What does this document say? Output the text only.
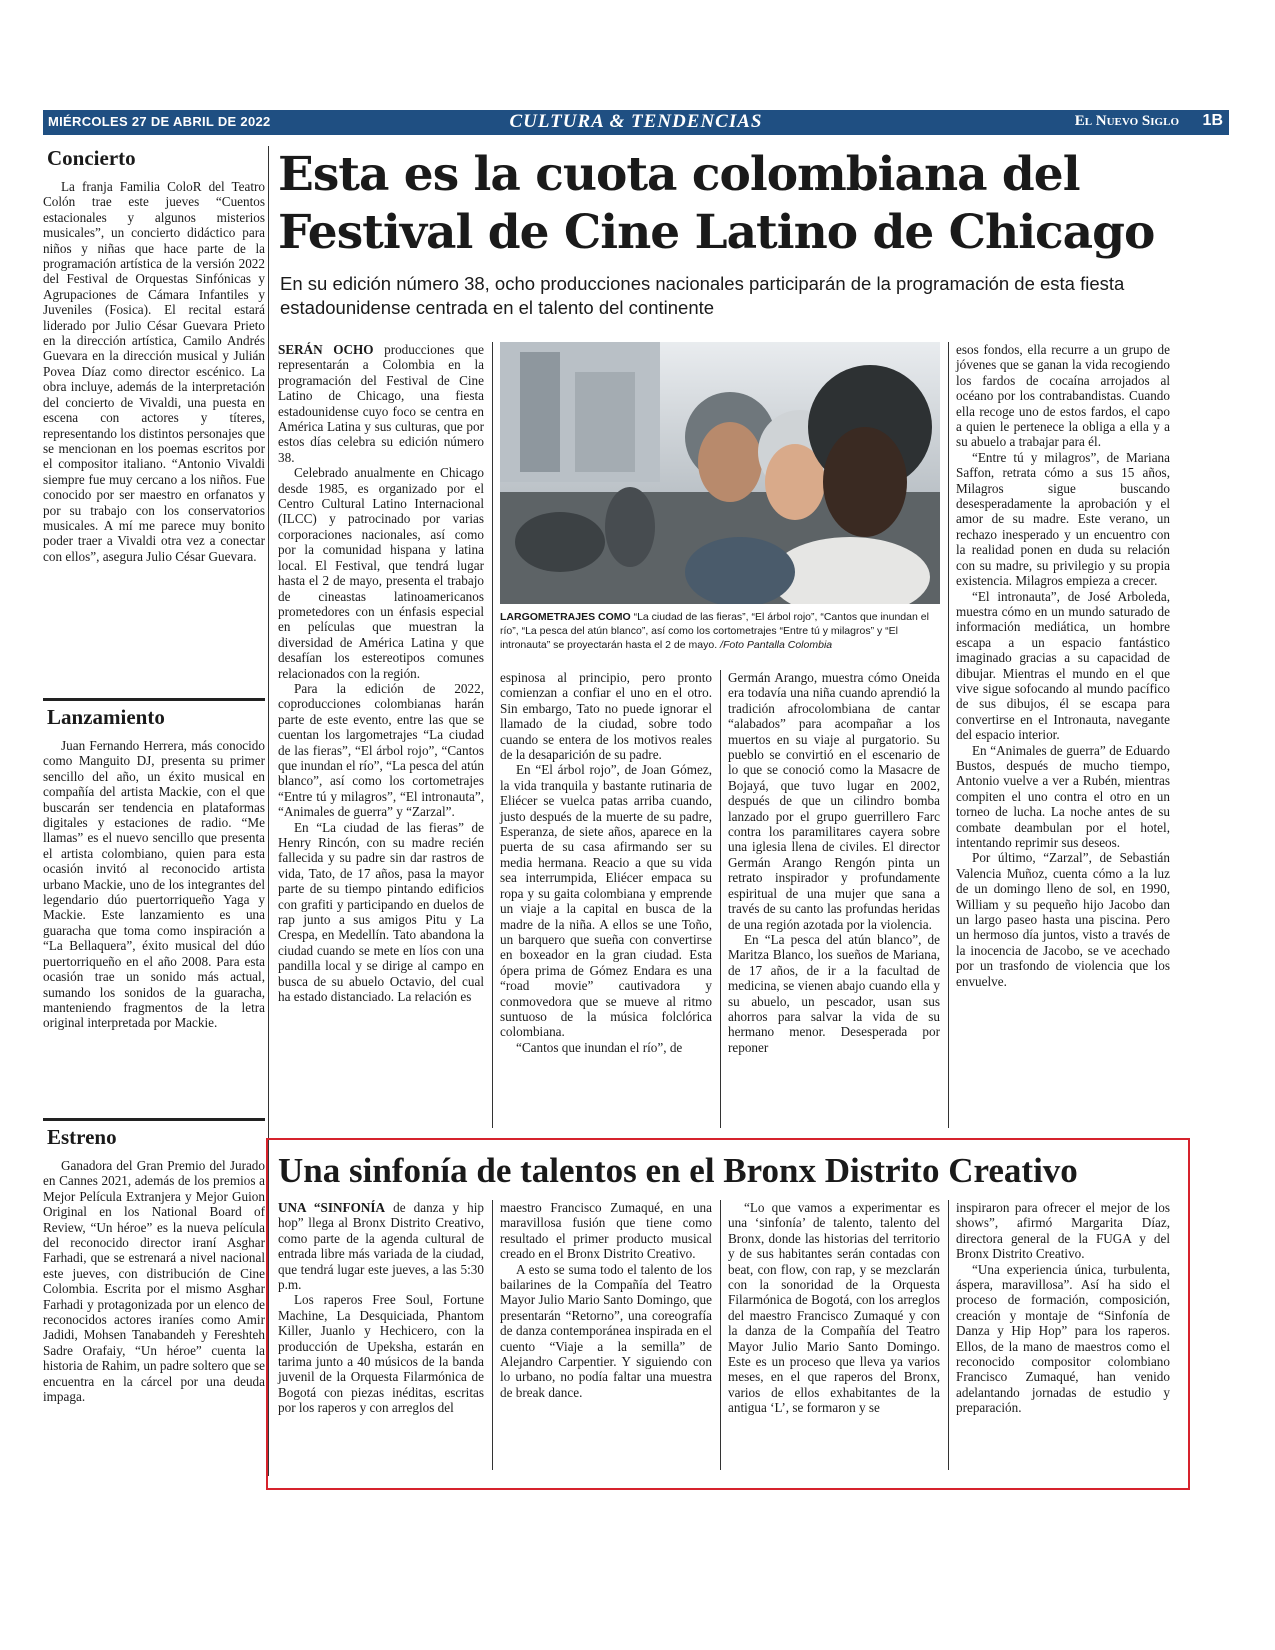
MIÉRCOLES 27 DE ABRIL DE 2022	CULTURA & TENDENCIAS	El Nuevo Siglo 1B
Concierto

La franja Familia ColoR del Teatro Colón trae este jueves “Cuentos estacionales y algunos misterios musicales”, un concierto didáctico para niños y niñas que hace parte de la programación artística de la versión 2022 del Festival de Orquestas Sinfónicas y Agrupaciones de Cámara Infantiles y Juveniles (Fosica). El recital estará liderado por Julio César Guevara Prieto en la dirección artística, Camilo Andrés Guevara en la dirección musical y Julián Povea Díaz como director escénico. La obra incluye, además de la interpretación del concierto de Vivaldi, una puesta en escena con actores y títeres, representando los distintos personajes que se mencionan en los poemas escritos por el compositor italiano. “Antonio Vivaldi siempre fue muy cercano a los niños. Fue conocido por ser maestro en orfanatos y por su trabajo con los conservatorios musicales. A mí me parece muy bonito poder traer a Vivaldi otra vez a conectar con ellos”, asegura Julio César Guevara.

Lanzamiento

Juan Fernando Herrera, más conocido como Manguito DJ, presenta su primer sencillo del año, un éxito musical en compañía del artista Mackie, con el que buscarán ser tendencia en plataformas digitales y estaciones de radio. “Me llamas” es el nuevo sencillo que presenta el artista colombiano, quien para esta ocasión invitó al reconocido artista urbano Mackie, uno de los integrantes del legendario dúo puertorriqueño Yaga y Mackie. Este lanzamiento es una guaracha que toma como inspiración a “La Bellaquera”, éxito musical del dúo puertorriqueño en el año 2008. Para esta ocasión trae un sonido más actual, sumando los sonidos de la guaracha, manteniendo fragmentos de la letra original interpretada por Mackie.

Estreno

Ganadora del Gran Premio del Jurado en Cannes 2021, además de los premios a Mejor Película Extranjera y Mejor Guion Original en los National Board of Review, “Un héroe” es la nueva película del reconocido director iraní Asghar Farhadi, que se estrenará a nivel nacional este jueves, con distribución de Cine Colombia. Escrita por el mismo Asghar Farhadi y protagonizada por un elenco de reconocidos actores iraníes como Amir Jadidi, Mohsen Tanabandeh y Fereshteh Sadre Orafaiy, “Un héroe” cuenta la historia de Rahim, un padre soltero que se encuentra en la cárcel por una deuda impaga.

Esta es la cuota colombiana del Festival de Cine Latino de Chicago

En su edición número 38, ocho producciones nacionales participarán de la programación de esta fiesta estadounidense centrada en el talento del continente

SERÁN OCHO producciones que representarán a Colombia en la programación del Festival de Cine Latino de Chicago, una fiesta estadounidense cuyo foco se centra en América Latina y sus culturas, que por estos días celebra su edición número 38.

Celebrado anualmente en Chicago desde 1985, es organizado por el Centro Cultural Latino Internacional (ILCC) y patrocinado por varias corporaciones nacionales, así como por la comunidad hispana y latina local. El Festival, que tendrá lugar hasta el 2 de mayo, presenta el trabajo de cineastas latinoamericanos prometedores con un énfasis especial en películas que muestran la diversidad de América Latina y que desafían los estereotipos comunes relacionados con la región.

Para la edición de 2022, coproducciones colombianas harán parte de este evento, entre las que se cuentan los largometrajes “La ciudad de las fieras”, “El árbol rojo”, “Cantos que inundan el río”, “La pesca del atún blanco”, así como los cortometrajes “Entre tú y milagros”, “El intronauta”, “Animales de guerra” y “Zarzal”.

En “La ciudad de las fieras” de Henry Rincón, con su madre recién fallecida y su padre sin dar rastros de vida, Tato, de 17 años, pasa la mayor parte de su tiempo pintando edificios con grafiti y participando en duelos de rap junto a sus amigos Pitu y La Crespa, en Medellín. Tato abandona la ciudad cuando se mete en líos con una pandilla local y se dirige al campo en busca de su abuelo Octavio, del cual ha estado distanciado. La relación es

LARGOMETRAJES COMO “La ciudad de las fieras”, “El árbol rojo”, “Cantos que inundan el río”, “La pesca del atún blanco”, así como los cortometrajes “Entre tú y milagros” y “El intronauta” se proyectarán hasta el 2 de mayo. /Foto Pantalla Colombia

espinosa al principio, pero pronto comienzan a confiar el uno en el otro. Sin embargo, Tato no puede ignorar el llamado de la ciudad, sobre todo cuando se entera de los motivos reales de la desaparición de su padre.

En “El árbol rojo”, de Joan Gómez, la vida tranquila y bastante rutinaria de Eliécer se vuelca patas arriba cuando, justo después de la muerte de su padre, Esperanza, de siete años, aparece en la puerta de su casa afirmando ser su media hermana. Reacio a que su vida sea interrumpida, Eliécer empaca su ropa y su gaita colombiana y emprende un viaje a la capital en busca de la madre de la niña. A ellos se une Toño, un barquero que sueña con convertirse en boxeador en la gran ciudad. Esta ópera prima de Gómez Endara es una “road movie” cautivadora y conmovedora que se mueve al ritmo suntuoso de la música folclórica colombiana.

“Cantos que inundan el río”, de

Germán Arango, muestra cómo Oneida era todavía una niña cuando aprendió la tradición afrocolombiana de cantar “alabados” para acompañar a los muertos en su viaje al purgatorio. Su pueblo se convirtió en el escenario de lo que se conoció como la Masacre de Bojayá, que tuvo lugar en 2002, después de que un cilindro bomba lanzado por el grupo guerrillero Farc contra los paramilitares cayera sobre una iglesia llena de civiles. El director Germán Arango Rengón pinta un retrato inspirador y profundamente espiritual de una mujer que sana a través de su canto las profundas heridas de una región azotada por la violencia.

En “La pesca del atún blanco”, de Maritza Blanco, los sueños de Mariana, de 17 años, de ir a la facultad de medicina, se vienen abajo cuando ella y su abuelo, un pescador, usan sus ahorros para salvar la vida de su hermano menor. Desesperada por reponer

esos fondos, ella recurre a un grupo de jóvenes que se ganan la vida recogiendo los fardos de cocaína arrojados al océano por los contrabandistas. Cuando ella recoge uno de estos fardos, el capo a quien le pertenece la obliga a ella y a su abuelo a trabajar para él.

“Entre tú y milagros”, de Mariana Saffon, retrata cómo a sus 15 años, Milagros sigue buscando desesperadamente la aprobación y el amor de su madre. Este verano, un rechazo inesperado y un encuentro con la realidad ponen en duda su relación con su madre, su privilegio y su propia existencia. Milagros empieza a crecer.

“El intronauta”, de José Arboleda, muestra cómo en un mundo saturado de información mediática, un hombre escapa a un espacio fantástico imaginado gracias a su capacidad de dibujar. Mientras el mundo en el que vive sigue sofocando al mundo pacífico de sus dibujos, él se escapa para convertirse en el Intronauta, navegante del espacio interior.

En “Animales de guerra” de Eduardo Bustos, después de mucho tiempo, Antonio vuelve a ver a Rubén, mientras compiten el uno contra el otro en un torneo de lucha. La noche antes de su combate deambulan por el hotel, intentando reprimir sus deseos.

Por último, “Zarzal”, de Sebastián Valencia Muñoz, cuenta cómo a la luz de un domingo lleno de sol, en 1990, William y su pequeño hijo Jacobo dan un largo paseo hasta una piscina. Pero un hermoso día juntos, visto a través de la inocencia de Jacobo, se ve acechado por un trasfondo de violencia que los envuelve.

Una sinfonía de talentos en el Bronx Distrito Creativo

UNA “SINFONÍA de danza y hip hop” llega al Bronx Distrito Creativo, como parte de la agenda cultural de entrada libre más variada de la ciudad, que tendrá lugar este jueves, a las 5:30 p.m.

Los raperos Free Soul, Fortune Machine, La Desquiciada, Phantom Killer, Juanlo y Hechicero, con la producción de Upeksha, estarán en tarima junto a 40 músicos de la banda juvenil de la Orquesta Filarmónica de Bogotá con piezas inéditas, escritas por los raperos y con arreglos del

maestro Francisco Zumaqué, en una maravillosa fusión que tiene como resultado el primer producto musical creado en el Bronx Distrito Creativo.

A esto se suma todo el talento de los bailarines de la Compañía del Teatro Mayor Julio Mario Santo Domingo, que presentarán “Retorno”, una coreografía de danza contemporánea inspirada en el cuento “Viaje a la semilla” de Alejandro Carpentier. Y siguiendo con lo urbano, no podía faltar una muestra de break dance.

“Lo que vamos a experimentar es una ‘sinfonía’ de talento, talento del Bronx, donde las historias del territorio y de sus habitantes serán contadas con beat, con flow, con rap, y se mezclarán con la sonoridad de la Orquesta Filarmónica de Bogotá, con los arreglos del maestro Francisco Zumaqué y con la danza de la Compañía del Teatro Mayor Julio Mario Santo Domingo. Este es un proceso que lleva ya varios meses, en el que raperos del Bronx, varios de ellos exhabitantes de la antigua ‘L’, se formaron y se

inspiraron para ofrecer el mejor de los shows”, afirmó Margarita Díaz, directora general de la FUGA y del Bronx Distrito Creativo.

“Una experiencia única, turbulenta, áspera, maravillosa”. Así ha sido el proceso de formación, composición, creación y montaje de “Sinfonía de Danza y Hip Hop” para los raperos. Ellos, de la mano de maestros como el reconocido compositor colombiano Francisco Zumaqué, han venido adelantando jornadas de estudio y preparación.
